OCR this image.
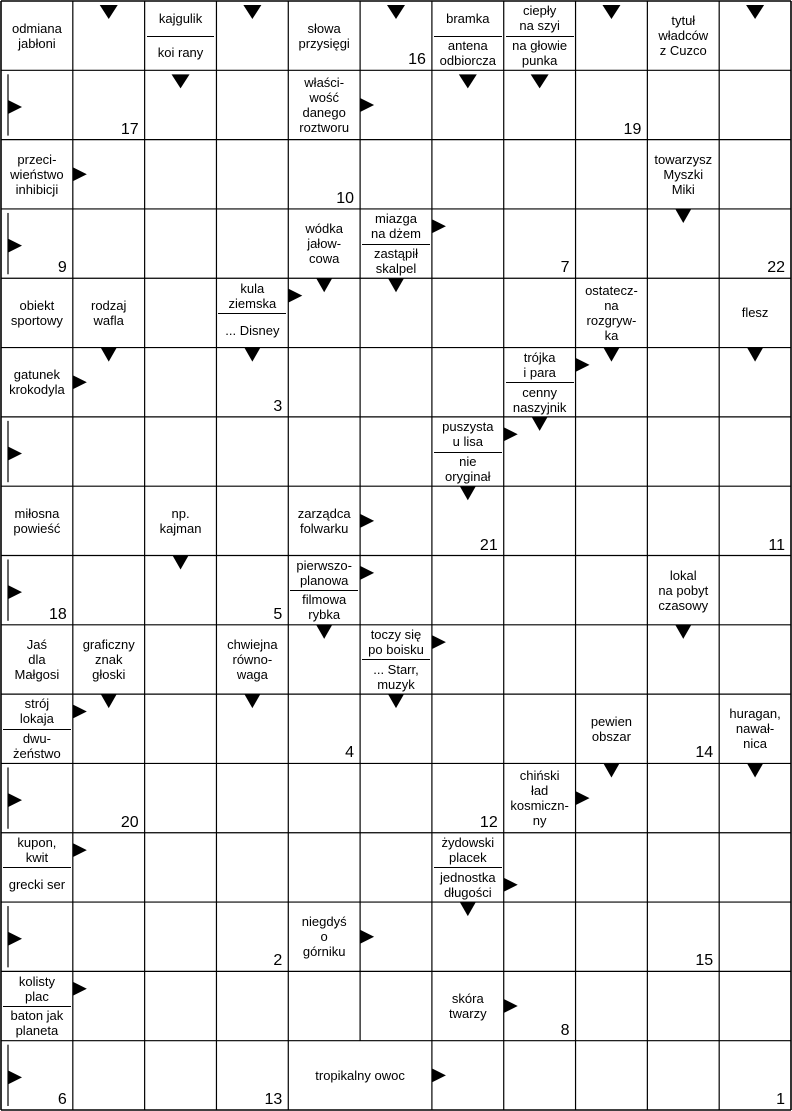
odmiana
jabłoni
kajgulik
koi rany
słowa
przysięgi
16
bramka
antena
odbiorcza
ciepły
na szyi
na głowie
punka
tytuł
władców
z Cuzco
17
właści-
wość
danego
roztworu	19
przeci-
wieństwo
inhibicji
10
towarzysz
Myszki
Miki
9
wódka
jałow-
cowa
miazga
na dżem
zastąpił
skalpel	7	22
obiekt
sportowy
rodzaj
wafla
kula
ziemska
... Disney
ostatecz-
na
rozgryw-
ka
flesz
gatunek
krokodyla
3
trójka
i para
cenny
naszyjnik
puszysta
u lisa
nie
oryginał
miłosna
powieść
np.
kajman
zarządca
folwarku
21	11
18	5
pierwszo-
planowa
filmowa
rybka
lokal
na pobyt
czasowy
Jaś
dla
Małgosi
graficzny
znak
głoski
chwiejna
równo-
waga
toczy się
po boisku
... Starr,
muzyk
strój
lokaja
dwu-
żeństwo	4
pewien
obszar
14
huragan,
nawał-
nica
20	12
chiński
ład
kosmiczn-
ny
kupon,
kwit
grecki ser
żydowski
placek
jednostka
długości
2
niegdyś
o
górniku
15
kolisty
plac
baton jak
planeta
skóra
twarzy
8
6	13
tropikalny owoc
1
